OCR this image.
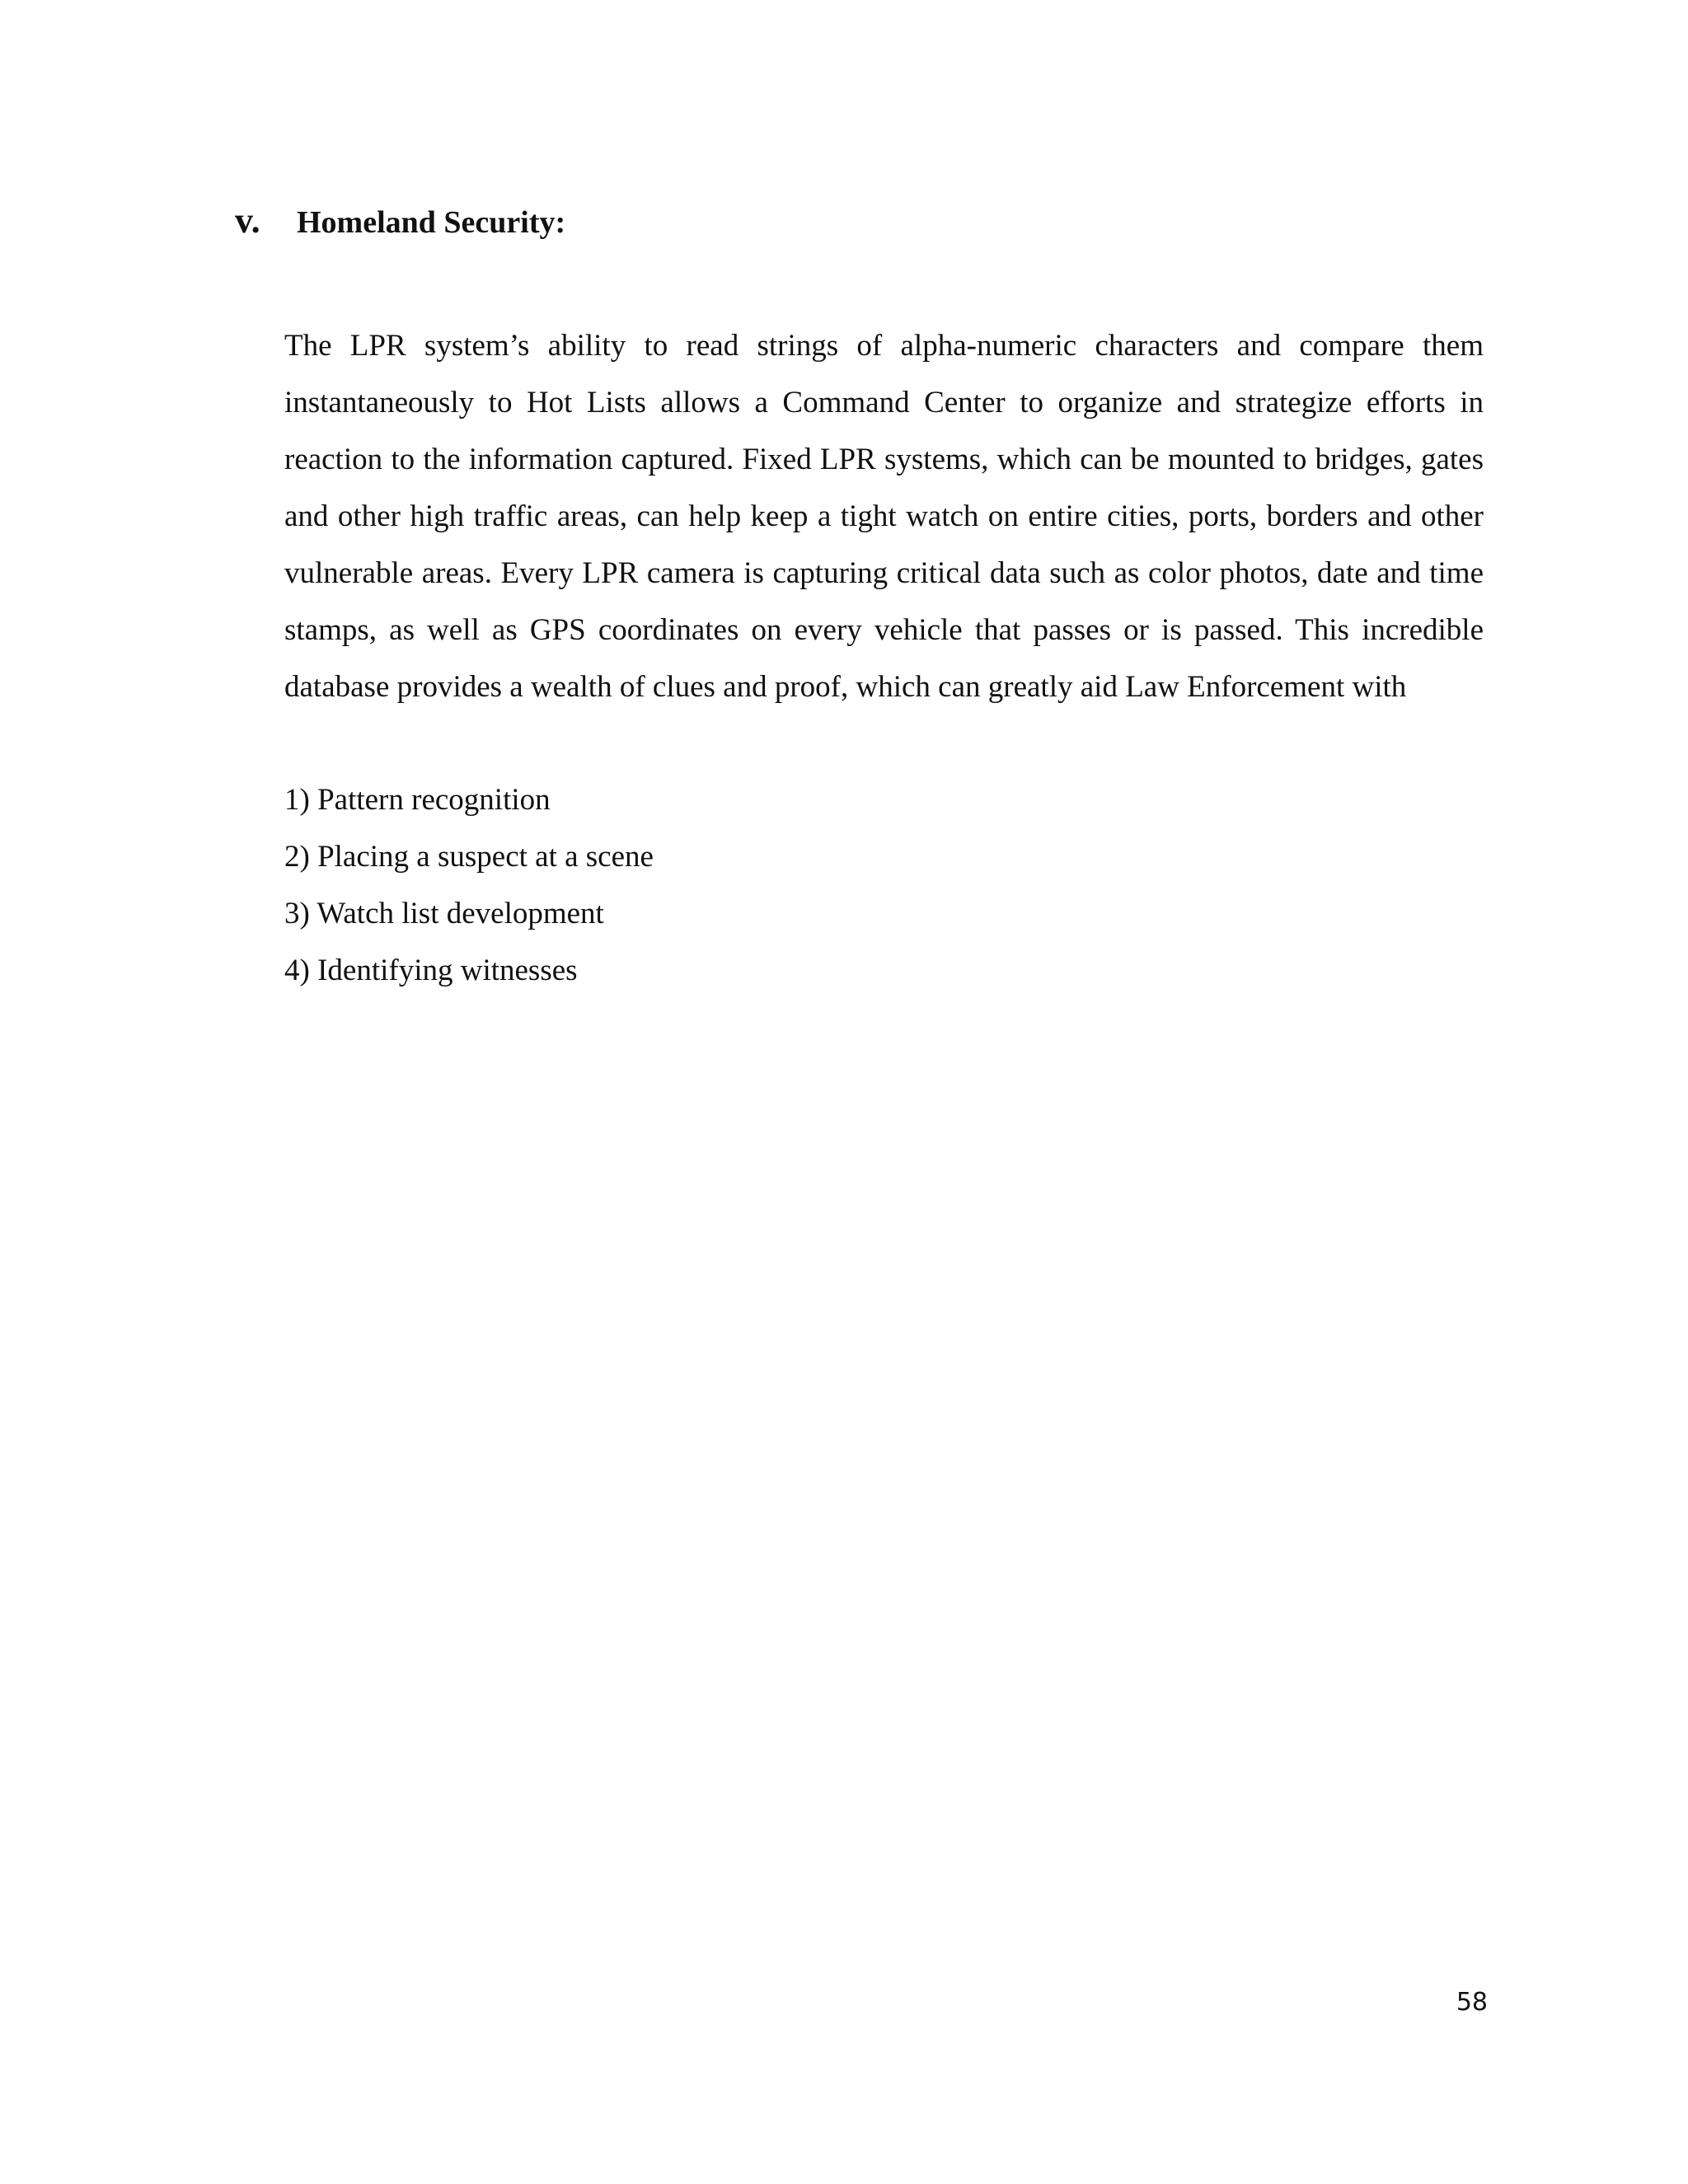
v.	Homeland Security:

The LPR system’s ability to read strings of alpha-numeric characters and compare them instantaneously to Hot Lists allows a Command Center to organize and strategize efforts in reaction to the information captured. Fixed LPR systems, which can be mounted to bridges, gates and other high traffic areas, can help keep a tight watch on entire cities, ports, borders and other vulnerable areas. Every LPR camera is capturing critical data such as color photos, date and time stamps, as well as GPS coordinates on every vehicle that passes or is passed. This incredible database provides a wealth of clues and proof, which can greatly aid Law Enforcement with

1) Pattern recognition
2) Placing a suspect at a scene
3) Watch list development
4) Identifying witnesses
58
